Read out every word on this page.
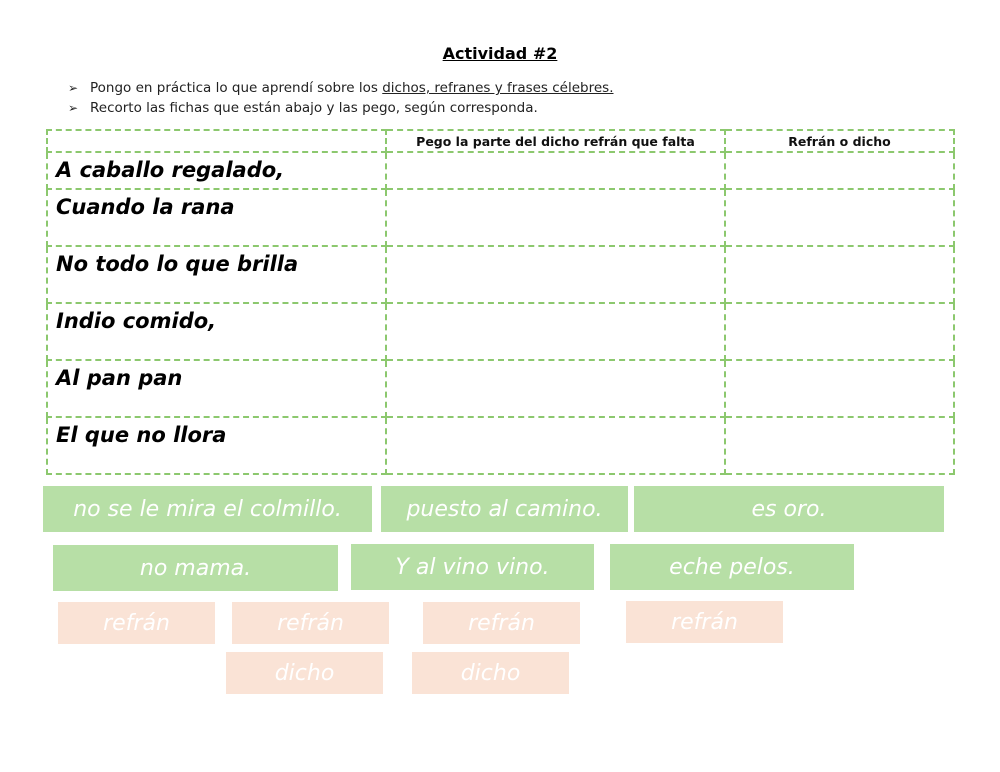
Actividad #2
➢ Pongo en práctica lo que aprendí sobre los dichos, refranes y frases célebres.
➢ Recorto las fichas que están abajo y las pego, según corresponda.
	Pego la parte del dicho refrán que falta	Refrán o dicho
A caballo regalado,		
Cuando la rana		
No todo lo que brilla		
Indio comido,		
Al pan pan		
El que no llora		
no se le mira el colmillo.	puesto al camino.	es oro.
no mama.	Y al vino vino.	eche pelos.
refrán	refrán	refrán	refrán
dicho	dicho
